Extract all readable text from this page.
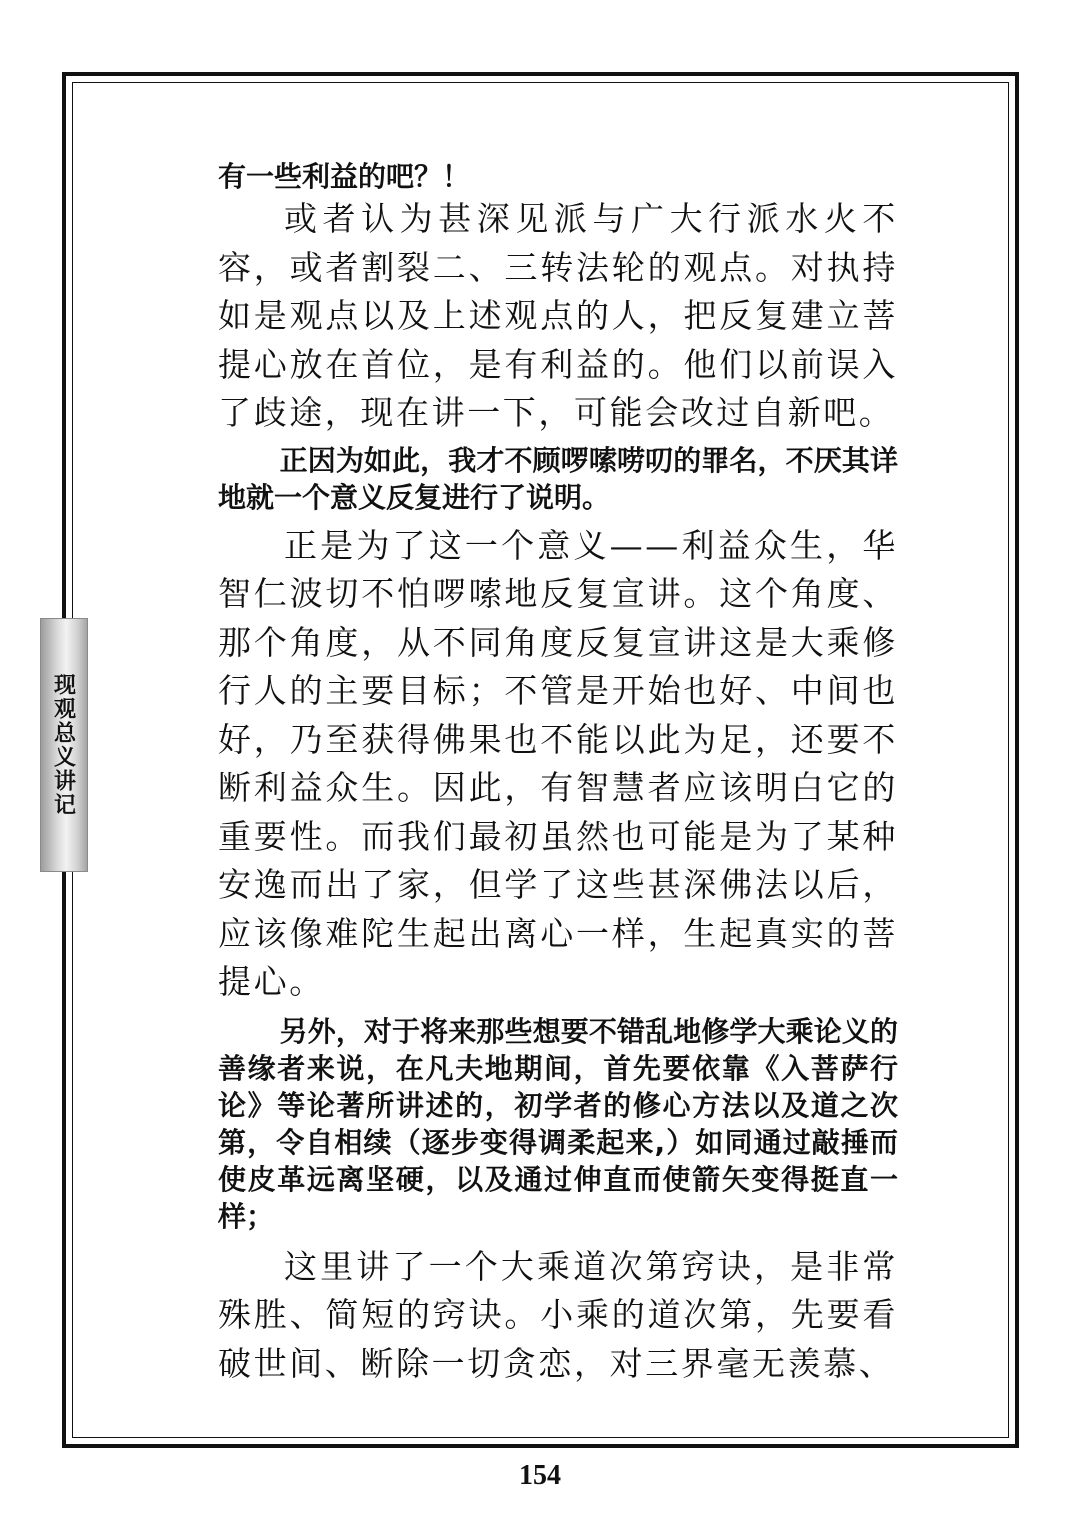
现观总义讲记

有一些利益的吧？！

或者认为甚深见派与广大行派水火不容，或者割裂二、三转法轮的观点。对执持如是观点以及上述观点的人，把反复建立菩提心放在首位，是有利益的。他们以前误入了歧途，现在讲一下，可能会改过自新吧。

正因为如此，我才不顾啰嗦唠叨的罪名，不厌其详地就一个意义反复进行了说明。

正是为了这一个意义——利益众生，华智仁波切不怕啰嗦地反复宣讲。这个角度、那个角度，从不同角度反复宣讲这是大乘修行人的主要目标；不管是开始也好、中间也好，乃至获得佛果也不能以此为足，还要不断利益众生。因此，有智慧者应该明白它的重要性。而我们最初虽然也可能是为了某种安逸而出了家，但学了这些甚深佛法以后，应该像难陀生起出离心一样，生起真实的菩提心。

另外，对于将来那些想要不错乱地修学大乘论义的善缘者来说，在凡夫地期间，首先要依靠《入菩萨行论》等论著所讲述的，初学者的修心方法以及道之次第，令自相续（逐步变得调柔起来,）如同通过敲捶而使皮革远离坚硬，以及通过伸直而使箭矢变得挺直一样；

这里讲了一个大乘道次第窍诀，是非常殊胜、简短的窍诀。小乘的道次第，先要看破世间、断除一切贪恋，对三界毫无羡慕、

154
